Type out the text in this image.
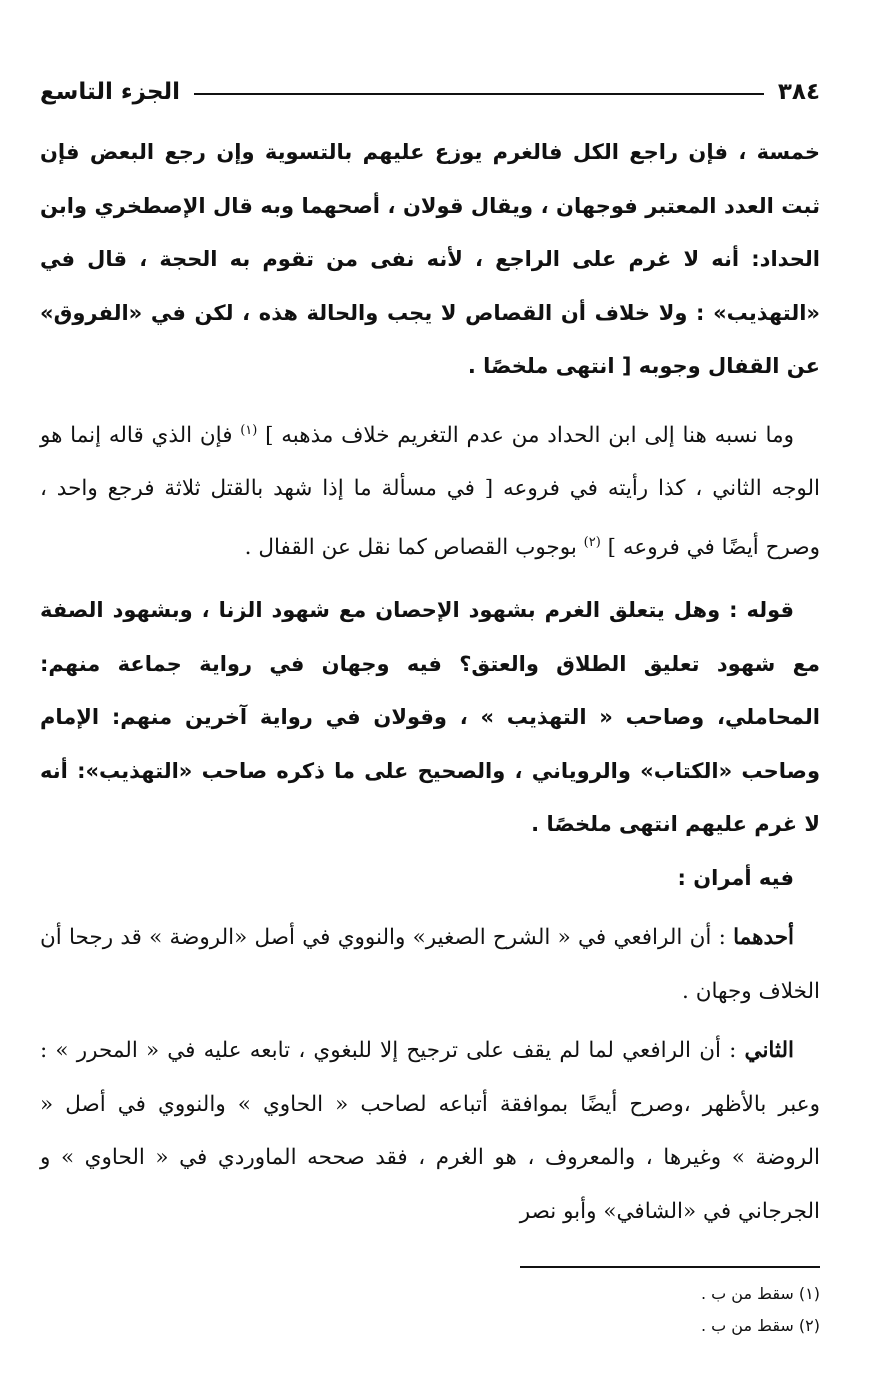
٣٨٤
الجزء التاسع

خمسة ، فإن راجع الكل فالغرم يوزع عليهم بالتسوية وإن رجع البعض فإن ثبت العدد المعتبر فوجهان ، ويقال قولان ، أصحهما وبه قال الإصطخري وابن الحداد: أنه لا غرم على الراجع ، لأنه نفى من تقوم به الحجة ، قال في «التهذيب» : ولا خلاف أن القصاص لا يجب والحالة هذه ، لكن في «الفروق» عن القفال وجوبه [ انتهى ملخصًا .

وما نسبه هنا إلى ابن الحداد من عدم التغريم خلاف مذهبه ] $^{(١)}$ فإن الذي قاله إنما هو الوجه الثاني ، كذا رأيته في فروعه [ في مسألة ما إذا شهد بالقتل ثلاثة فرجع واحد ، وصرح أيضًا في فروعه ] $^{(٢)}$ بوجوب القصاص كما نقل عن القفال .

قوله : وهل يتعلق الغرم بشهود الإحصان مع شهود الزنا ، وبشهود الصفة مع شهود تعليق الطلاق والعتق؟ فيه وجهان في رواية جماعة منهم: المحاملي، وصاحب « التهذيب » ، وقولان في رواية آخرين منهم: الإمام وصاحب «الكتاب» والروياني ، والصحيح على ما ذكره صاحب «التهذيب»: أنه لا غرم عليهم انتهى ملخصًا .

فيه أمران :

أحدهما : أن الرافعي في « الشرح الصغير» والنووي في أصل «الروضة » قد رجحا أن الخلاف وجهان .

الثاني : أن الرافعي لما لم يقف على ترجيح إلا للبغوي ، تابعه عليه في « المحرر » : وعبر بالأظهر ،وصرح أيضًا بموافقة أتباعه لصاحب « الحاوي » والنووي في أصل « الروضة » وغيرها ، والمعروف ، هو الغرم ، فقد صححه الماوردي في « الحاوي » و الجرجاني في «الشافي» وأبو نصر

(١) سقط من ب .

(٢) سقط من ب .
